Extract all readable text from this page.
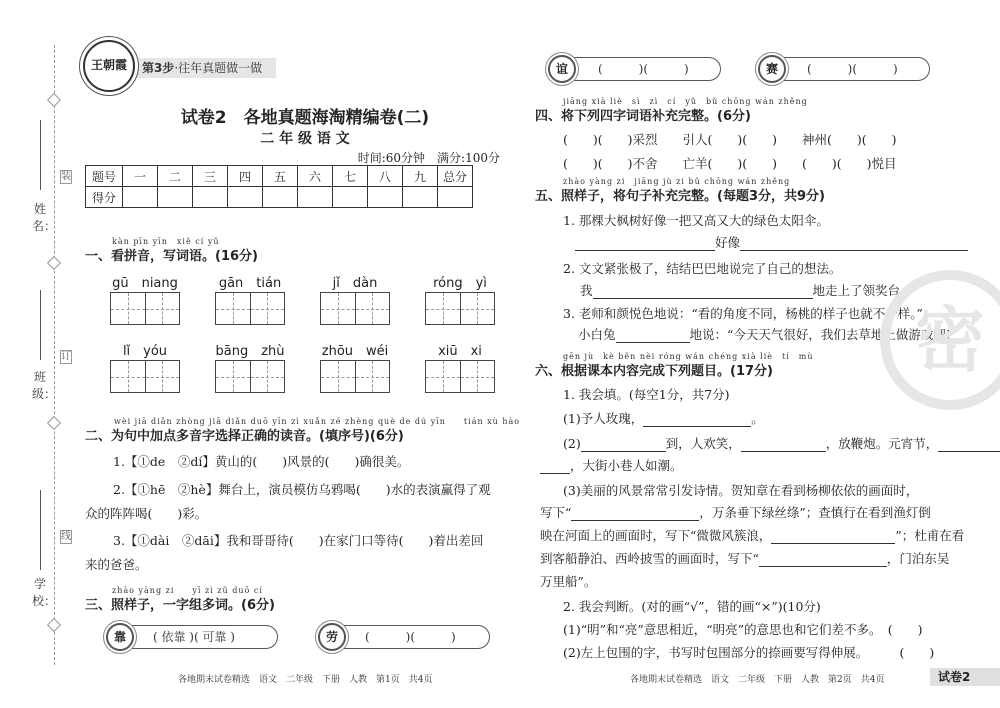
姓名：
班级：
学校：
装
订
线
第3步·往年真题做一做
王朝霞
试卷2　各地真题海淘精编卷(二)
二 年 级 语 文
时间:60分钟　满分:100分
题号	一	二	三	四	五	六	七	八	九	总分
得分										
kàn pīn yīn　xiě cí yǔ
一、看拼音，写词语。(16分)
gū　niang	gān　tián	jǐ　dàn	róng　yì
lǐ　yóu	bāng　zhù	zhōu　wéi	xiū　xi
wèi jiā diǎn zhòng jiā diǎn duō yīn zì xuǎn zé zhèng què de dú yīn　　tián xù hào
二、为句中加点多音字选择正确的读音。(填序号)(6分)
1.【①de　②dí】黄山的(　　)风景的(　　)确很美。
2.【①hē　②hè】舞台上，演员模仿乌鸦喝(　　)水的表演赢得了观
众的阵阵喝(　　)彩。
3.【①dài　②dāi】我和哥哥待(　　)在家门口等待(　　)着出差回
来的爸爸。
zhào yàng zi　　yī zì zǔ duō cí
三、照样子，一字组多词。(6分)
( 依靠 )( 可靠 )
靠	(　　　)(　　　)
劳
各地期末试卷精选　语文　二年级　下册　人教　第1页　共4页
(　　　)(　　　)
谊	(　　　)(　　　)
赛
jiāng xià liè　sì　zì　cí　yǔ　bǔ chōng wán zhěng
四、将下列四字词语补充完整。(6分)
(　　)(　　)采烈　　引人(　　)(　　)　　神州(　　)(　　)
(　　)(　　)不舍　　亡羊(　　)(　　)　　(　　)(　　)悦目
zhào yàng zi　jiāng jù zi bǔ chōng wán zhěng
五、照样子，将句子补充完整。(每题3分，共9分)
1. 那棵大枫树好像一把又高又大的绿色太阳伞。
好像
2. 文文紧张极了，结结巴巴地说完了自己的想法。
我	地走上了领奖台。
3. 老师和颜悦色地说：“看的角度不同，杨桃的样子也就不一样。”
小白兔	地说：“今天天气很好，我们去草地上做游戏吧!”
gēn jù　kè běn nèi róng wán chéng xià liè　tí　mù
六、根据课本内容完成下列题目。(17分)
1. 我会填。(每空1分，共7分)
(1)予人玫瑰，	。
(2)	到，人欢笑，	，放鞭炮。元宵节，
，大街小巷人如潮。
(3)美丽的风景常常引发诗情。贺知章在看到杨柳依依的画面时，
写下“	，万条垂下绿丝绦”；查慎行在看到渔灯倒
映在河面上的画面时，写下“微微风簇浪，	”；杜甫在看
到客船静泊、西岭披雪的画面时，写下“	，门泊东吴
万里船”。
2. 我会判断。(对的画“√”，错的画“×”)(10分)
(1)“明”和“亮”意思相近，“明亮”的意思也和它们差不多。　(　　)
(2)左上包围的字，书写时包围部分的捺画要写得伸展。　　　(　　)
各地期末试卷精选　语文　二年级　下册　人教　第2页　共4页	试卷2
密
